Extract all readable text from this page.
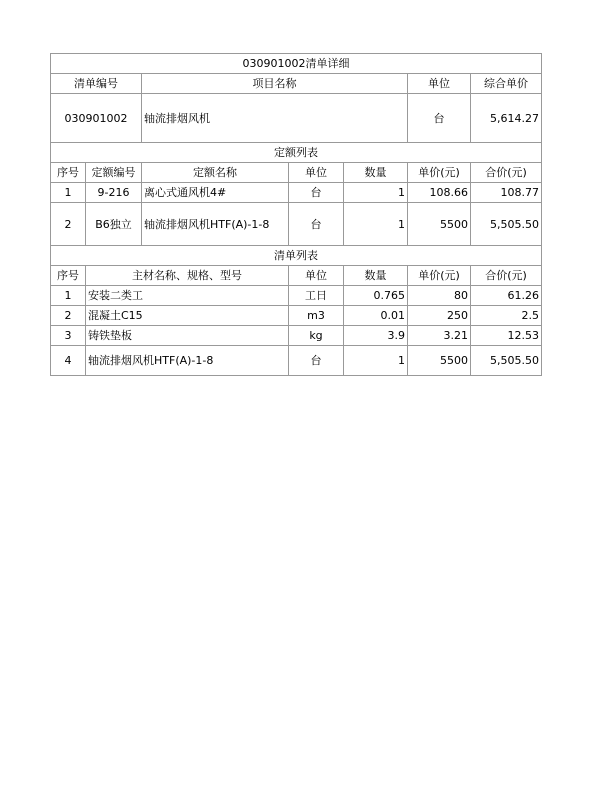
030901002清单详细						
清单编号		项目名称			单位	综合单价
030901002		轴流排烟风机			台	5,614.27
定额列表						
序号	定额编号	定额名称	单位	数量	单价(元)	合价(元)
1	9-216	离心式通风机4#	台	1	108.66	108.77
2	B6独立	轴流排烟风机HTF(A)-1-8	台	1	5500	5,505.50
清单列表						
序号	主材名称、规格、型号		单位	数量	单价(元)	合价(元)
1	安装二类工		工日	0.765	80	61.26
2	混凝土C15		m3	0.01	250	2.5
3	铸铁垫板		kg	3.9	3.21	12.53
4	轴流排烟风机HTF(A)-1-8		台	1	5500	5,505.50
